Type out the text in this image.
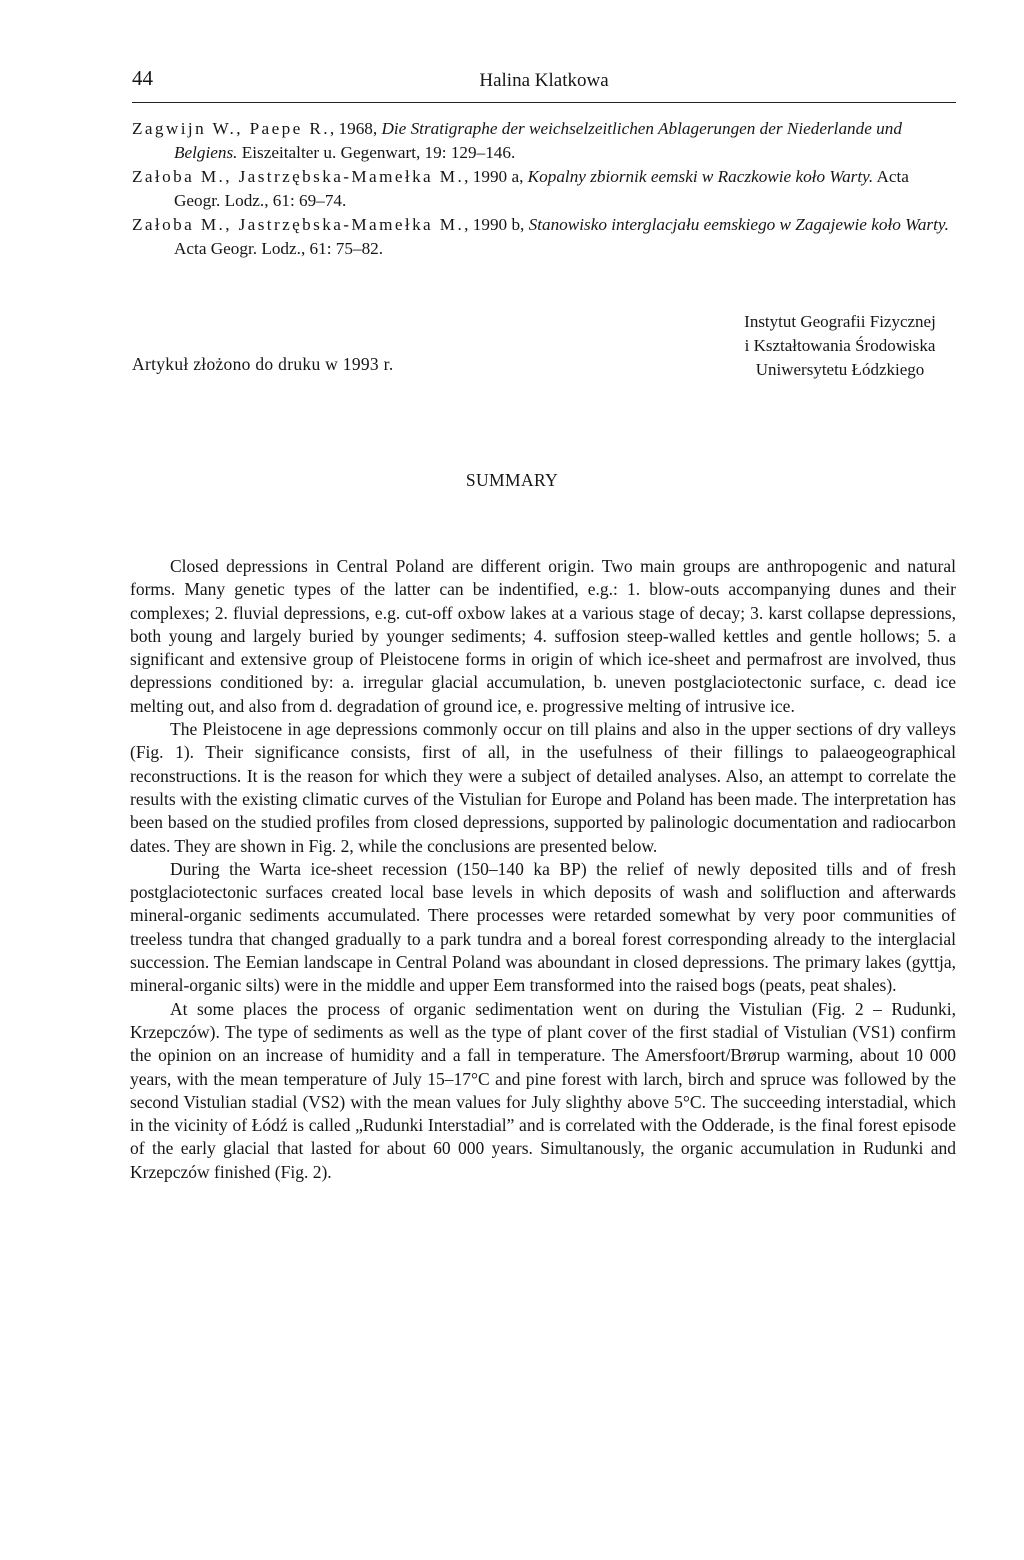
44	Halina Klatkowa

Zagwijn W., Paepe R., 1968, Die Stratigraphe der weichselzeitlichen Ablagerungen der Niederlande und Belgiens. Eiszeitalter u. Gegenwart, 19: 129–146.

Załoba M., Jastrzębska-Mamełka M., 1990 a, Kopalny zbiornik eemski w Raczkowie koło Warty. Acta Geogr. Lodz., 61: 69–74.

Załoba M., Jastrzębska-Mamełka M., 1990 b, Stanowisko interglacjału eemskiego w Zagajewie koło Warty. Acta Geogr. Lodz., 61: 75–82.

Artykuł złożono do druku w 1993 r.
Instytut Geografii Fizycznej
i Kształtowania Środowiska
Uniwersytetu Łódzkiego
SUMMARY

Closed depressions in Central Poland are different origin. Two main groups are anthropogenic and natural forms. Many genetic types of the latter can be indentified, e.g.: 1. blow-outs accompanying dunes and their complexes; 2. fluvial depressions, e.g. cut-off oxbow lakes at a various stage of decay; 3. karst collapse depressions, both young and largely buried by younger sediments; 4. suffosion steep-walled kettles and gentle hollows; 5. a significant and extensive group of Pleistocene forms in origin of which ice-sheet and permafrost are involved, thus depressions conditioned by: a. irregular glacial accumulation, b. uneven postglaciotectonic surface, c. dead ice melting out, and also from d. degradation of ground ice, e. progressive melting of intrusive ice.

The Pleistocene in age depressions commonly occur on till plains and also in the upper sections of dry valleys (Fig. 1). Their significance consists, first of all, in the usefulness of their fillings to palaeogeographical reconstructions. It is the reason for which they were a subject of detailed analyses. Also, an attempt to correlate the results with the existing climatic curves of the Vistulian for Europe and Poland has been made. The interpretation has been based on the studied profiles from closed depressions, supported by palinologic documentation and radiocarbon dates. They are shown in Fig. 2, while the conclusions are presented below.

During the Warta ice-sheet recession (150–140 ka BP) the relief of newly deposited tills and of fresh postglaciotectonic surfaces created local base levels in which deposits of wash and solifluction and afterwards mineral-organic sediments accumulated. There processes were retarded somewhat by very poor communities of treeless tundra that changed gradually to a park tundra and a boreal forest corresponding already to the interglacial succession. The Eemian landscape in Central Poland was aboundant in closed depressions. The primary lakes (gyttja, mineral-organic silts) were in the middle and upper Eem transformed into the raised bogs (peats, peat shales).

At some places the process of organic sedimentation went on during the Vistulian (Fig. 2 – Rudunki, Krzepczów). The type of sediments as well as the type of plant cover of the first stadial of Vistulian (VS1) confirm the opinion on an increase of humidity and a fall in temperature. The Amersfoort/Brørup warming, about 10 000 years, with the mean temperature of July 15–17°C and pine forest with larch, birch and spruce was followed by the second Vistulian stadial (VS2) with the mean values for July slighthy above 5°C. The succeeding interstadial, which in the vicinity of Łódź is called „Rudunki Interstadial” and is correlated with the Odderade, is the final forest episode of the early glacial that lasted for about 60 000 years. Simultanously, the organic accumulation in Rudunki and Krzepczów finished (Fig. 2).
